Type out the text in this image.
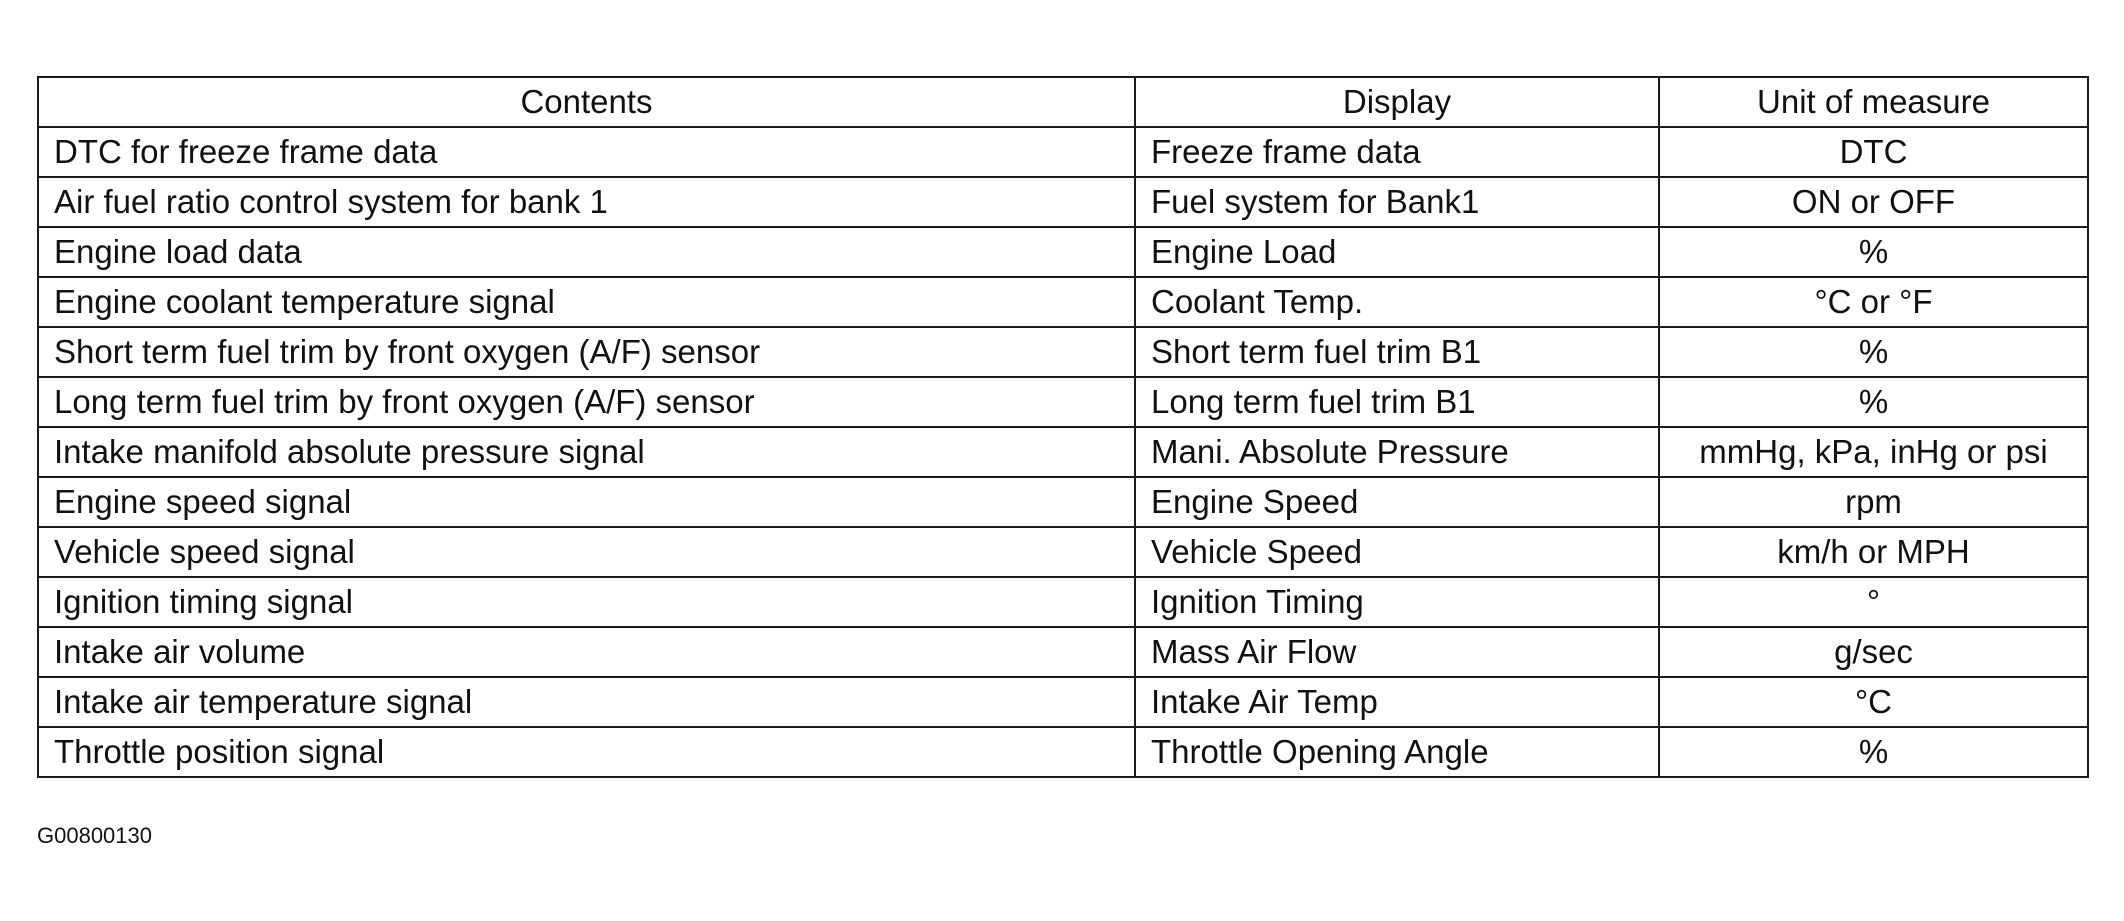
Contents	Display	Unit of measure
DTC for freeze frame data	Freeze frame data	DTC
Air fuel ratio control system for bank 1	Fuel system for Bank1	ON or OFF
Engine load data	Engine Load	%
Engine coolant temperature signal	Coolant Temp.	°C or °F
Short term fuel trim by front oxygen (A/F) sensor	Short term fuel trim B1	%
Long term fuel trim by front oxygen (A/F) sensor	Long term fuel trim B1	%
Intake manifold absolute pressure signal	Mani. Absolute Pressure	mmHg, kPa, inHg or psi
Engine speed signal	Engine Speed	rpm
Vehicle speed signal	Vehicle Speed	km/h or MPH
Ignition timing signal	Ignition Timing	°
Intake air volume	Mass Air Flow	g/sec
Intake air temperature signal	Intake Air Temp	°C
Throttle position signal	Throttle Opening Angle	%
G00800130
